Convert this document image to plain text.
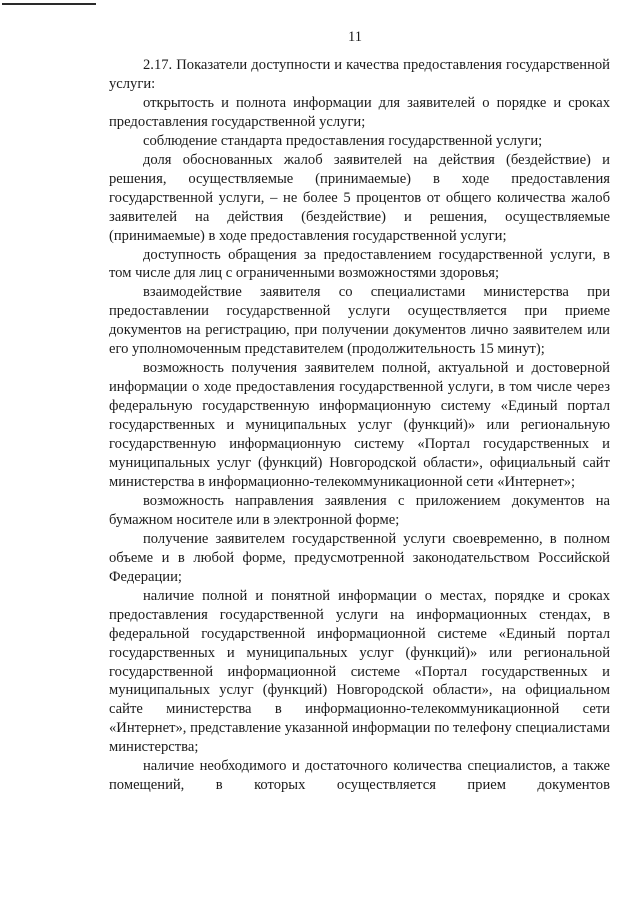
11

2.17. Показатели доступности и качества предоставления государственной услуги:

открытость и полнота информации для заявителей о порядке и сроках предоставления государственной услуги;

соблюдение стандарта предоставления государственной услуги;

доля обоснованных жалоб заявителей на действия (бездействие) и решения, осуществляемые (принимаемые) в ходе предоставления государственной услуги, – не более 5 процентов от общего количества жалоб заявителей на действия (бездействие) и решения, осуществляемые (принимаемые) в ходе предоставления государственной услуги;

доступность обращения за предоставлением государственной услуги, в том числе для лиц с ограниченными возможностями здоровья;

взаимодействие заявителя со специалистами министерства при предоставлении государственной услуги осуществляется при приеме документов на регистрацию, при получении документов лично заявителем или его уполномоченным представителем (продолжительность 15 минут);

возможность получения заявителем полной, актуальной и достоверной информации о ходе предоставления государственной услуги, в том числе через федеральную государственную информационную систему «Единый портал государственных и муниципальных услуг (функций)» или региональную государственную информационную систему «Портал государственных и муниципальных услуг (функций) Новгородской области», официальный сайт министерства в информационно-телекоммуникационной сети «Интернет»;

возможность направления заявления с приложением документов на бумажном носителе или в электронной форме;

получение заявителем государственной услуги своевременно, в полном объеме и в любой форме, предусмотренной законодательством Российской Федерации;

наличие полной и понятной информации о местах, порядке и сроках предоставления государственной услуги на информационных стендах, в федеральной государственной информационной системе «Единый портал государственных и муниципальных услуг (функций)» или региональной государственной информационной системе «Портал государственных и муниципальных услуг (функций) Новгородской области», на официальном сайте министерства в информационно-телекоммуникационной сети «Интернет», представление указанной информации по телефону специалистами министерства;

наличие необходимого и достаточного количества специалистов, а также помещений, в которых осуществляется прием документов
